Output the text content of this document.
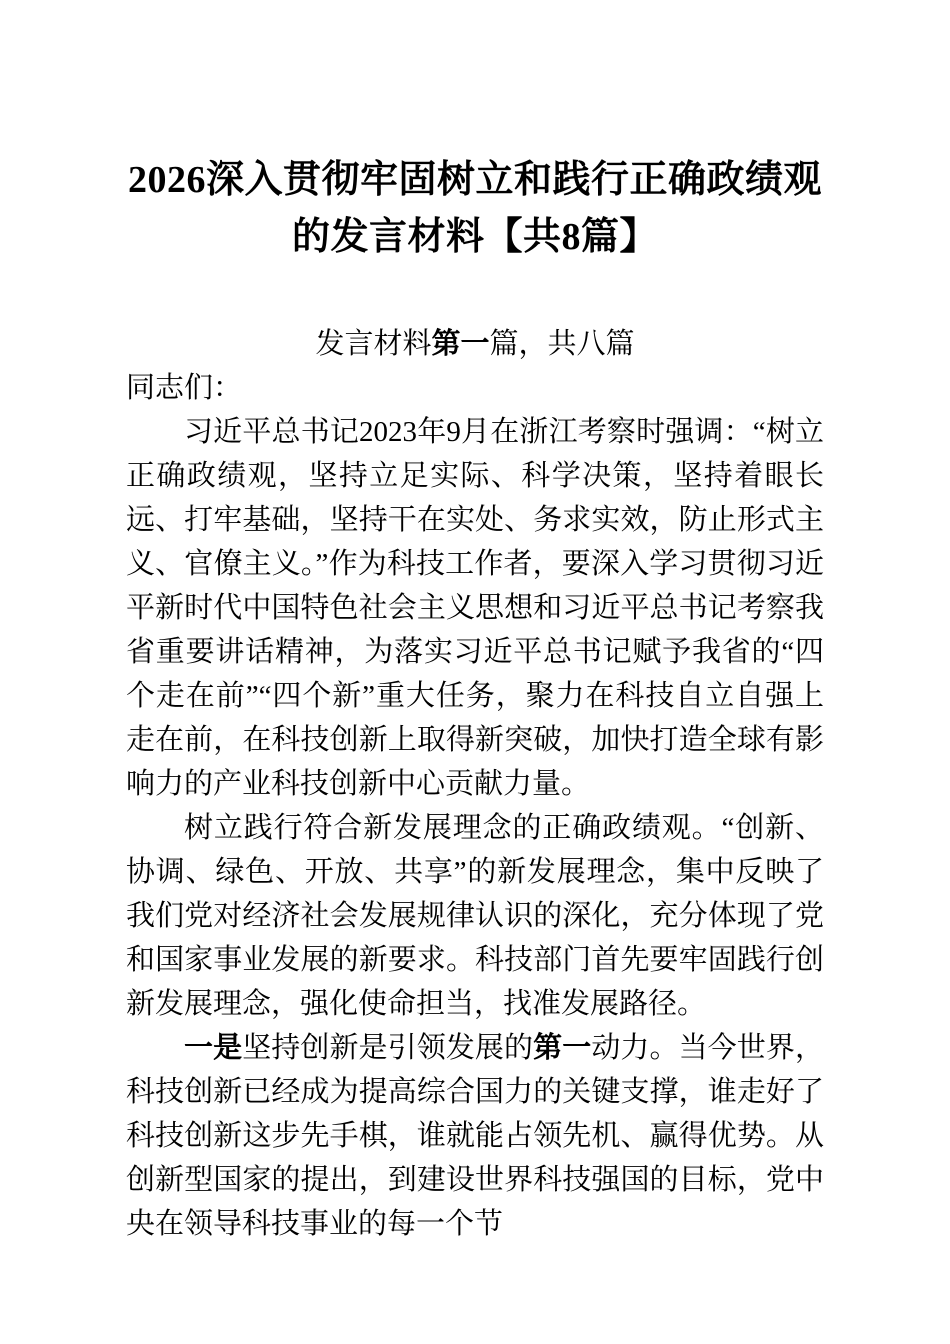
2026深入贯彻牢固树立和践行正确政绩观的发言材料【共8篇】

发言材料第一篇，共八篇

同志们：

习近平总书记2023年9月在浙江考察时强调：“树立正确政绩观，坚持立足实际、科学决策，坚持着眼长远、打牢基础，坚持干在实处、务求实效，防止形式主义、官僚主义。”作为科技工作者，要深入学习贯彻习近平新时代中国特色社会主义思想和习近平总书记考察我省重要讲话精神，为落实习近平总书记赋予我省的“四个走在前”“四个新”重大任务，聚力在科技自立自强上走在前，在科技创新上取得新突破，加快打造全球有影响力的产业科技创新中心贡献力量。

树立践行符合新发展理念的正确政绩观。“创新、协调、绿色、开放、共享”的新发展理念，集中反映了我们党对经济社会发展规律认识的深化，充分体现了党和国家事业发展的新要求。科技部门首先要牢固践行创新发展理念，强化使命担当，找准发展路径。

一是坚持创新是引领发展的第一动力。当今世界，科技创新已经成为提高综合国力的关键支撑，谁走好了科技创新这步先手棋，谁就能占领先机、赢得优势。从创新型国家的提出，到建设世界科技强国的目标，党中央在领导科技事业的每一个节
